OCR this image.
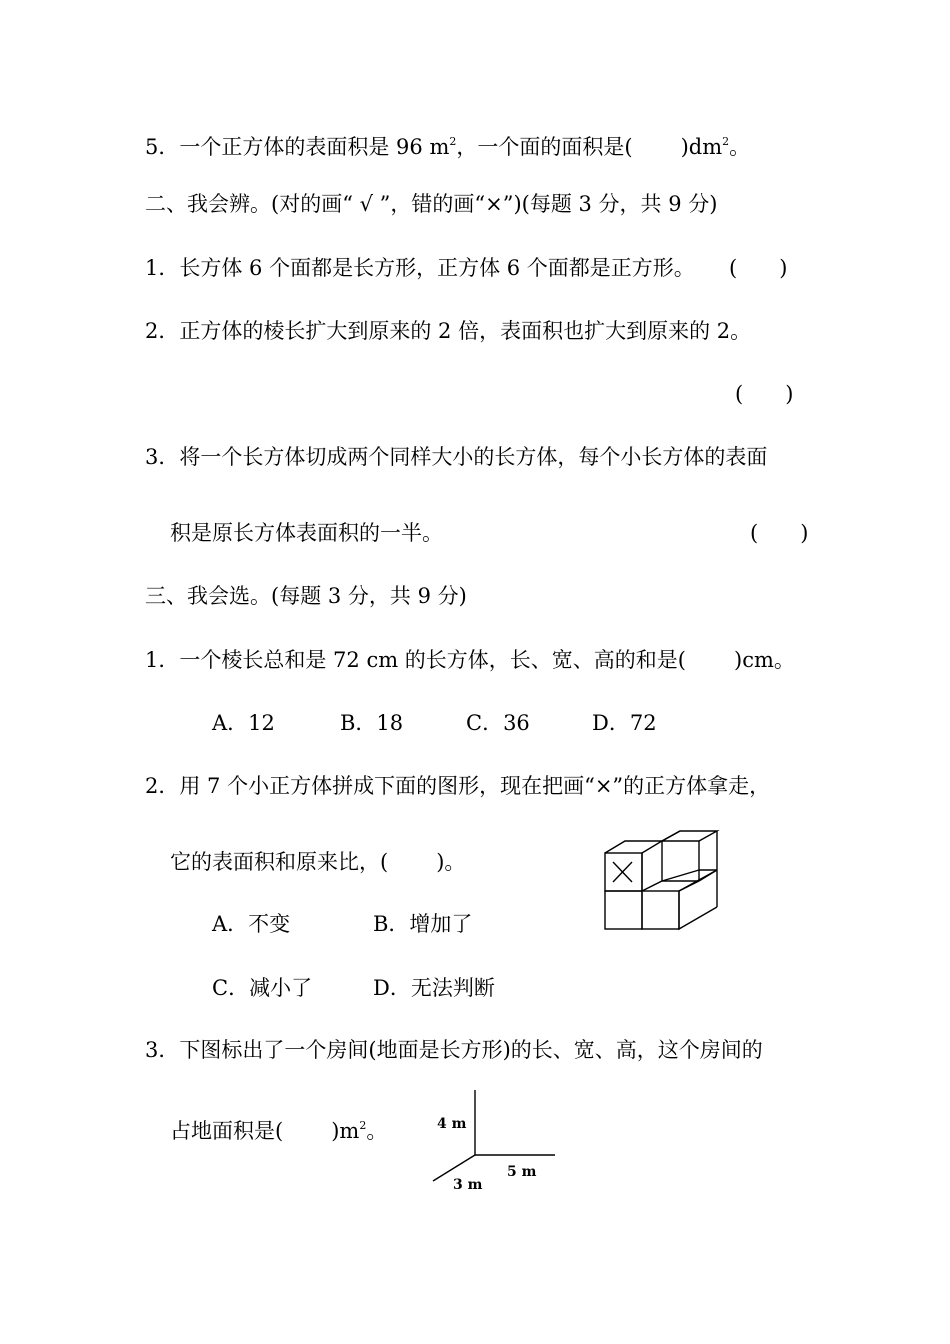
5．一个正方体的表面积是 96 $m^2$，一个面的面积是( )$dm^2$。
二、我会辨。(对的画“ √ ”，错的画“×”)(每题 3 分，共 9 分)
1．长方体 6 个面都是长方形，正方体 6 个面都是正方形。 (　　)
2．正方体的棱长扩大到原来的 2 倍，表面积也扩大到原来的 2。
(　　)
3．将一个长方体切成两个同样大小的长方体，每个小长方体的表面
积是原长方体表面积的一半。	(　　)
三、我会选。(每题 3 分，共 9 分)
1．一个棱长总和是 72 cm 的长方体，长、宽、高的和是( )cm。
A．12	B．18	C．36	D．72
2．用 7 个小正方体拼成下面的图形，现在把画“×”的正方体拿走，
它的表面积和原来比，( )。
A．不变	B．增加了
C．减小了	D．无法判断
3．下图标出了一个房间(地面是长方形)的长、宽、高，这个房间的
占地面积是( )$m^2$。	4 m
5 m
3 m
